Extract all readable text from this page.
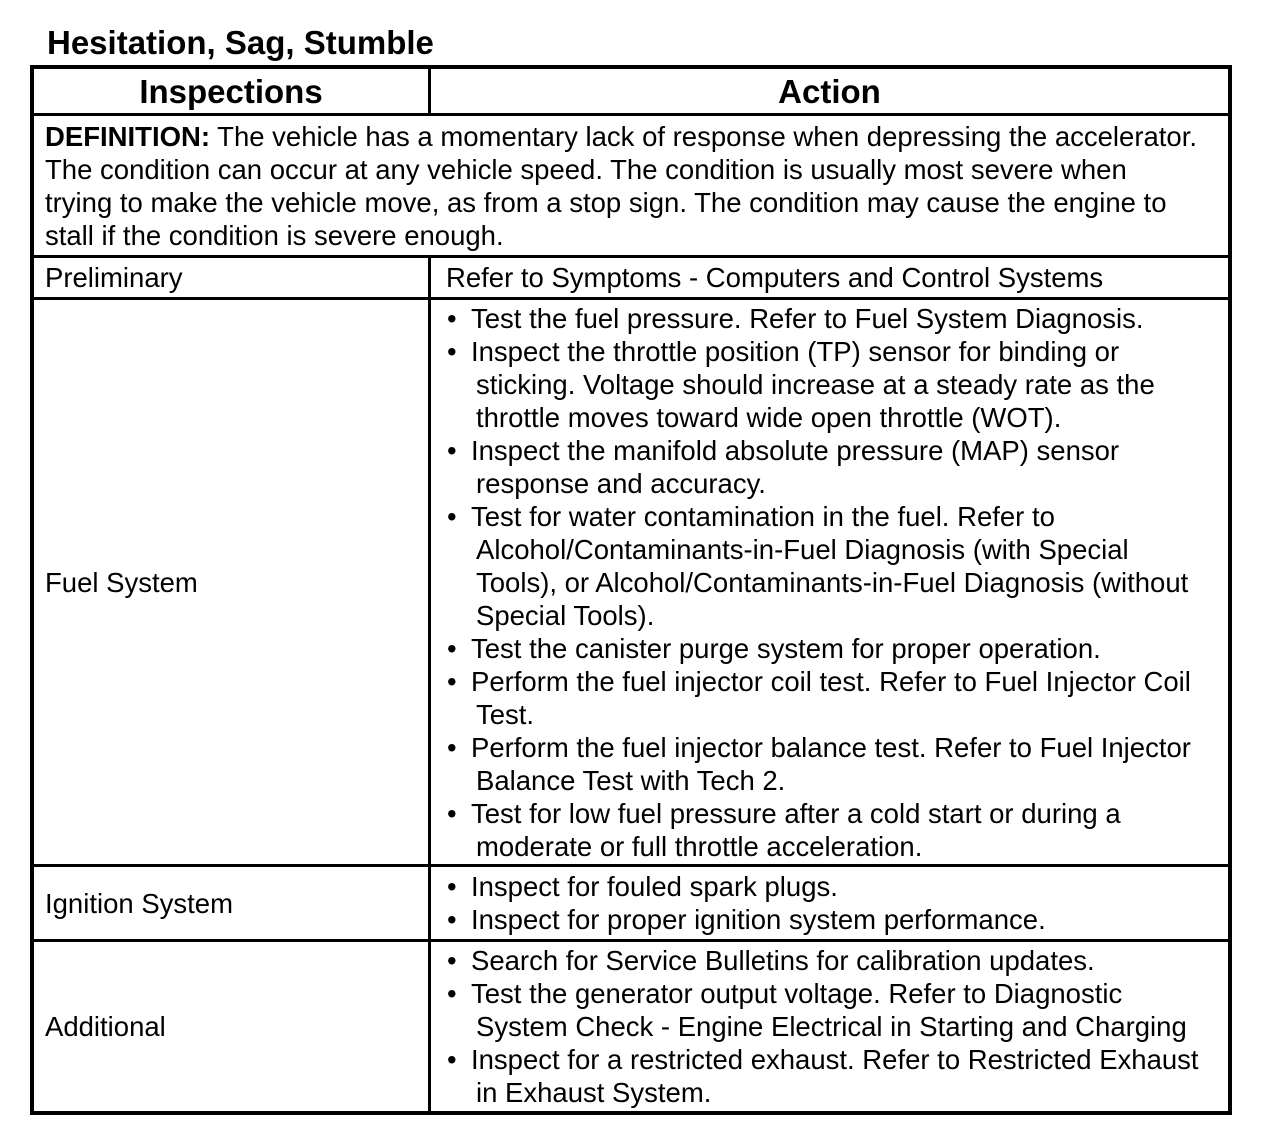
Hesitation, Sag, Stumble
Inspections	Action
DEFINITION: The vehicle has a momentary lack of response when depressing the accelerator.
The condition can occur at any vehicle speed. The condition is usually most severe when
trying to make the vehicle move, as from a stop sign. The condition may cause the engine to
stall if the condition is severe enough.
Preliminary	Refer to Symptoms - Computers and Control Systems
Fuel System
• Test the fuel pressure. Refer to Fuel System Diagnosis.
• Inspect the throttle position (TP) sensor for binding or
sticking. Voltage should increase at a steady rate as the
throttle moves toward wide open throttle (WOT).
• Inspect the manifold absolute pressure (MAP) sensor
response and accuracy.
• Test for water contamination in the fuel. Refer to
Alcohol/Contaminants-in-Fuel Diagnosis (with Special
Tools), or Alcohol/Contaminants-in-Fuel Diagnosis (without
Special Tools).
• Test the canister purge system for proper operation.
• Perform the fuel injector coil test. Refer to Fuel Injector Coil
Test.
• Perform the fuel injector balance test. Refer to Fuel Injector
Balance Test with Tech 2.
• Test for low fuel pressure after a cold start or during a
moderate or full throttle acceleration.
Ignition System
• Inspect for fouled spark plugs.
• Inspect for proper ignition system performance.
Additional
• Search for Service Bulletins for calibration updates.
• Test the generator output voltage. Refer to Diagnostic
System Check - Engine Electrical in Starting and Charging
• Inspect for a restricted exhaust. Refer to Restricted Exhaust
in Exhaust System.
